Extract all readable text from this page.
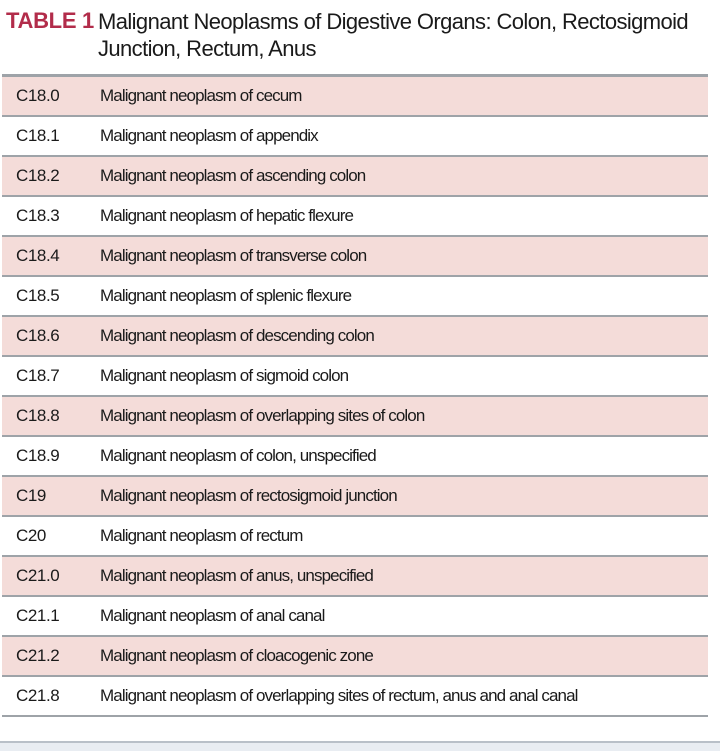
TABLE 1 Malignant Neoplasms of Digestive Organs: Colon, Rectosigmoid Junction, Rectum, Anus
C18.0 Malignant neoplasm of cecum
C18.1 Malignant neoplasm of appendix
C18.2 Malignant neoplasm of ascending colon
C18.3 Malignant neoplasm of hepatic flexure
C18.4 Malignant neoplasm of transverse colon
C18.5 Malignant neoplasm of splenic flexure
C18.6 Malignant neoplasm of descending colon
C18.7 Malignant neoplasm of sigmoid colon
C18.8 Malignant neoplasm of overlapping sites of colon
C18.9 Malignant neoplasm of colon, unspecified
C19	Malignant neoplasm of rectosigmoid junction
C20	Malignant neoplasm of rectum
C21.0 Malignant neoplasm of anus, unspecified
C21.1 Malignant neoplasm of anal canal
C21.2 Malignant neoplasm of cloacogenic zone
C21.8 Malignant neoplasm of overlapping sites of rectum, anus and anal canal
